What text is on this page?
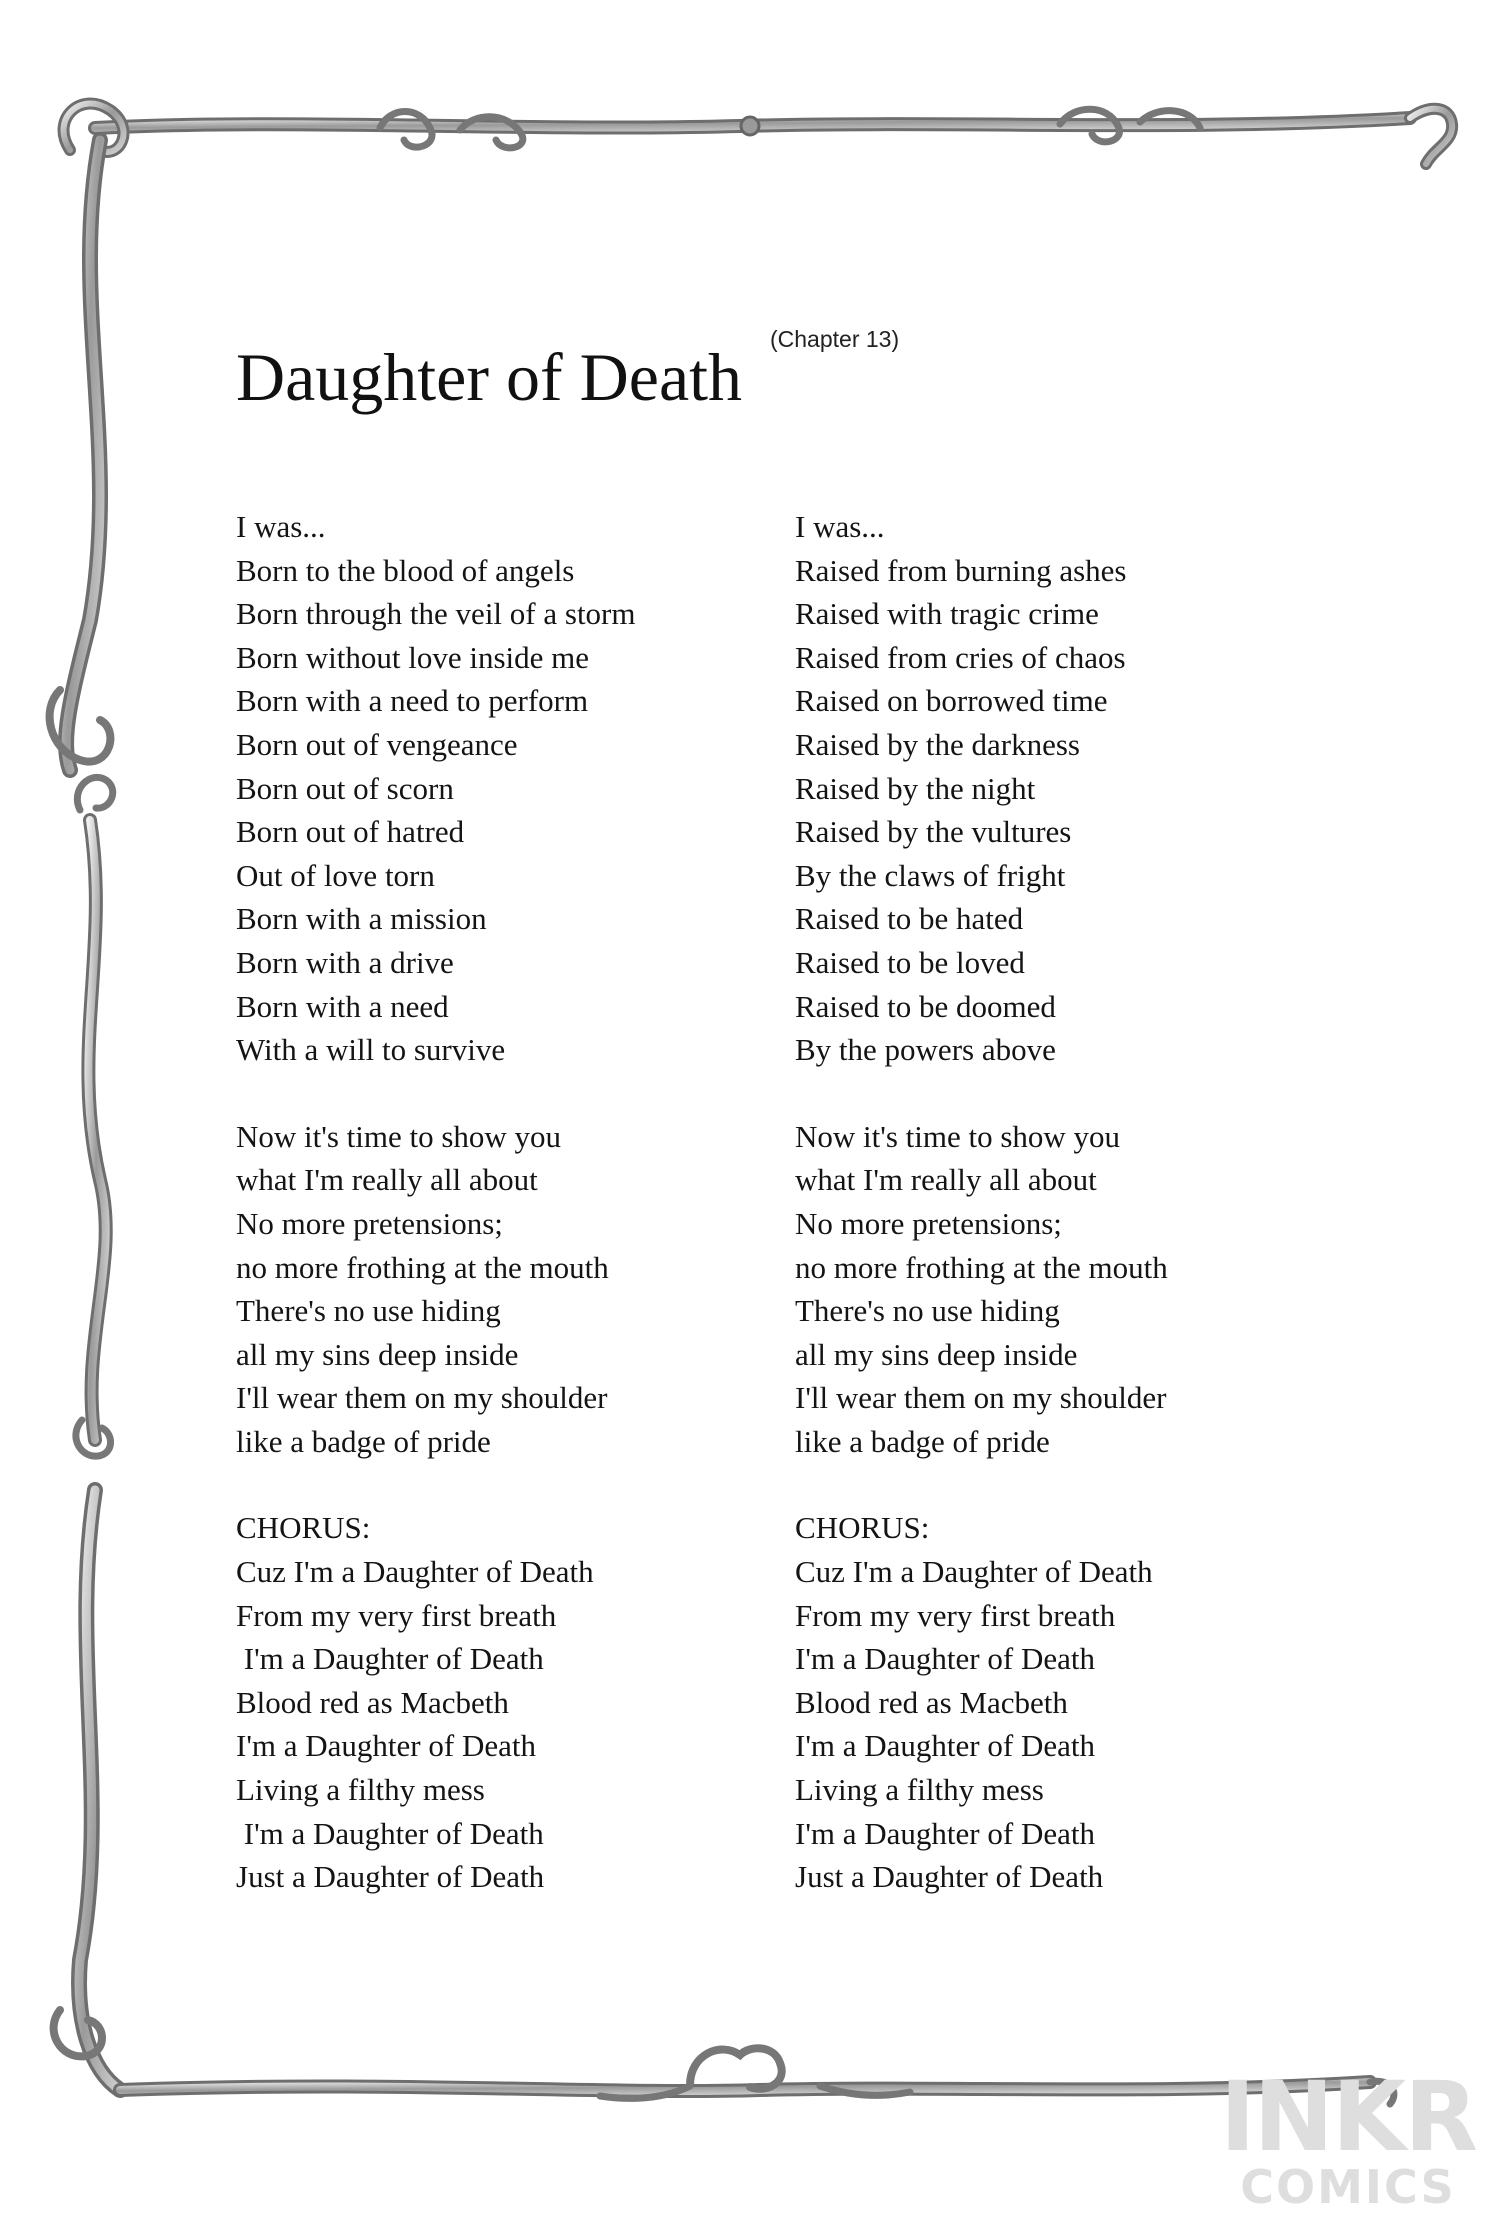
(Chapter 13)
Daughter of Death
I was...
Born to the blood of angels
Born through the veil of a storm
Born without love inside me
Born with a need to perform
Born out of vengeance
Born out of scorn
Born out of hatred
Out of love torn
Born with a mission
Born with a drive
Born with a need
With a will to survive
Now it's time to show you
what I'm really all about
No more pretensions;
no more frothing at the mouth
There's no use hiding
all my sins deep inside
I'll wear them on my shoulder
like a badge of pride
CHORUS:
Cuz I'm a Daughter of Death
From my very first breath
I'm a Daughter of Death
Blood red as Macbeth
I'm a Daughter of Death
Living a filthy mess
I'm a Daughter of Death
Just a Daughter of Death
I was...
Raised from burning ashes
Raised with tragic crime
Raised from cries of chaos
Raised on borrowed time
Raised by the darkness
Raised by the night
Raised by the vultures
By the claws of fright
Raised to be hated
Raised to be loved
Raised to be doomed
By the powers above
Now it's time to show you
what I'm really all about
No more pretensions;
no more frothing at the mouth
There's no use hiding
all my sins deep inside
I'll wear them on my shoulder
like a badge of pride
CHORUS:
Cuz I'm a Daughter of Death
From my very first breath
I'm a Daughter of Death
Blood red as Macbeth
I'm a Daughter of Death
Living a filthy mess
I'm a Daughter of Death
Just a Daughter of Death
INKR
COMICS
